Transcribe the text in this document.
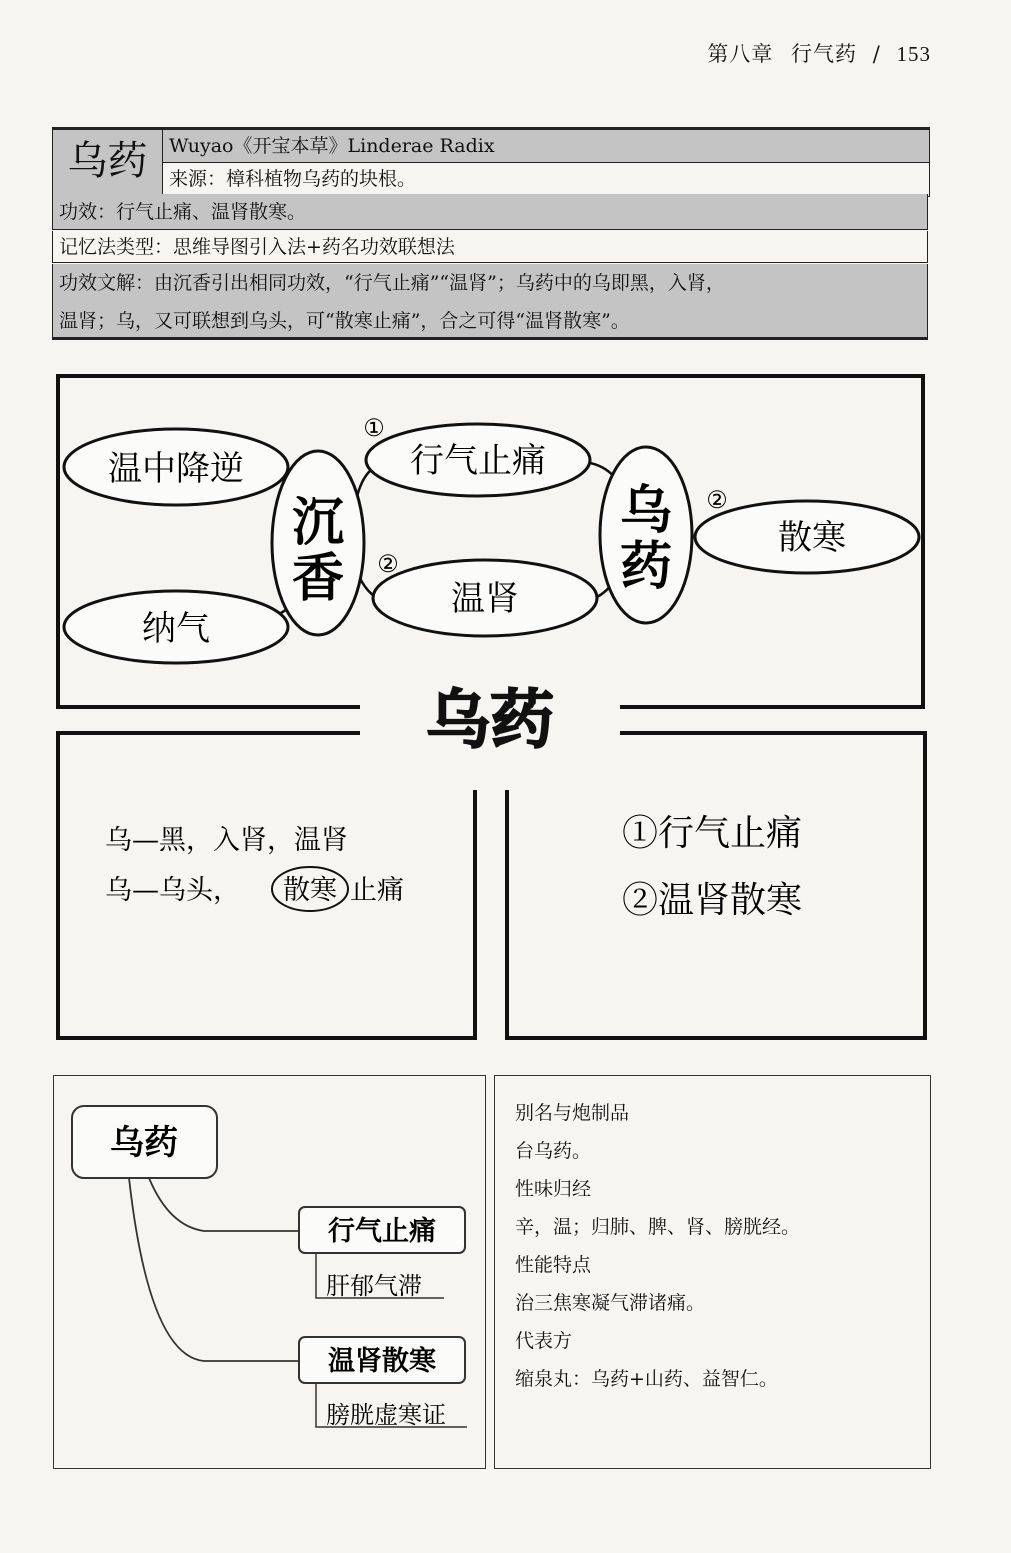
第八章 行气药 / 153
乌药	Wuyao《开宝本草》Linderae Radix
来源：樟科植物乌药的块根。
功效：行气止痛、温肾散寒。
记忆法类型：思维导图引入法+药名功效联想法
功效文解：由沉香引出相同功效，“行气止痛”“温肾”；乌药中的乌即黑，入肾，
温肾；乌，又可联想到乌头，可“散寒止痛”，合之可得“温肾散寒”。
温中降逆
纳气
沉
香
行气止痛
①
温肾
②
乌
药	散寒
②
乌药
乌—黑，入肾，温肾
乌—乌头， 散寒 止痛
①行气止痛
②温肾散寒
乌药
行气止痛
肝郁气滞
温肾散寒
膀胱虚寒证
别名与炮制品
台乌药。
性味归经
辛，温；归肺、脾、肾、膀胱经。
性能特点
治三焦寒凝气滞诸痛。
代表方
缩泉丸：乌药+山药、益智仁。
